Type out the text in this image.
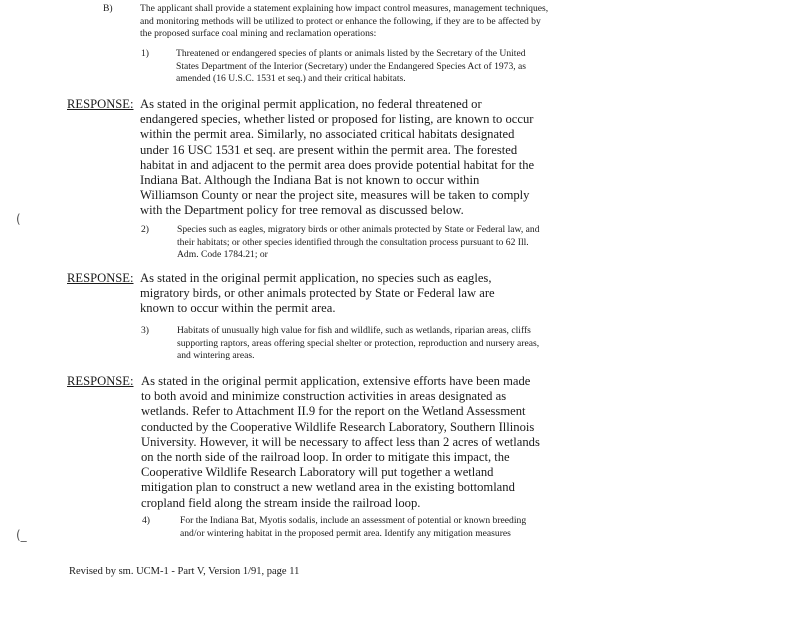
B)	The applicant shall provide a statement explaining how impact control measures, management techniques, and monitoring methods will be utilized to protect or enhance the following, if they are to be affected by the proposed surface coal mining and reclamation operations:
1)	Threatened or endangered species of plants or animals listed by the Secretary of the United States Department of the Interior (Secretary) under the Endangered Species Act of 1973, as amended (16 U.S.C. 1531 et seq.) and their critical habitats.
RESPONSE: As stated in the original permit application, no federal threatened or endangered species, whether listed or proposed for listing, are known to occur within the permit area. Similarly, no associated critical habitats designated under 16 USC 1531 et seq. are present within the permit area. The forested habitat in and adjacent to the permit area does provide potential habitat for the Indiana Bat. Although the Indiana Bat is not known to occur within Williamson County or near the project site, measures will be taken to comply with the Department policy for tree removal as discussed below.
2)	Species such as eagles, migratory birds or other animals protected by State or Federal law, and their habitats; or other species identified through the consultation process pursuant to 62 Ill. Adm. Code 1784.21; or
RESPONSE: As stated in the original permit application, no species such as eagles, migratory birds, or other animals protected by State or Federal law are known to occur within the permit area.
3)	Habitats of unusually high value for fish and wildlife, such as wetlands, riparian areas, cliffs supporting raptors, areas offering special shelter or protection, reproduction and nursery areas, and wintering areas.
RESPONSE: As stated in the original permit application, extensive efforts have been made to both avoid and minimize construction activities in areas designated as wetlands. Refer to Attachment II.9 for the report on the Wetland Assessment conducted by the Cooperative Wildlife Research Laboratory, Southern Illinois University. However, it will be necessary to affect less than 2 acres of wetlands on the north side of the railroad loop. In order to mitigate this impact, the Cooperative Wildlife Research Laboratory will put together a wetland mitigation plan to construct a new wetland area in the existing bottomland cropland field along the stream inside the railroad loop.
4)	For the Indiana Bat, Myotis sodalis, include an assessment of potential or known breeding and/or wintering habitat in the proposed permit area. Identify any mitigation measures
(
(_
Revised by sm. UCM-1 - Part V, Version 1/91, page 11
